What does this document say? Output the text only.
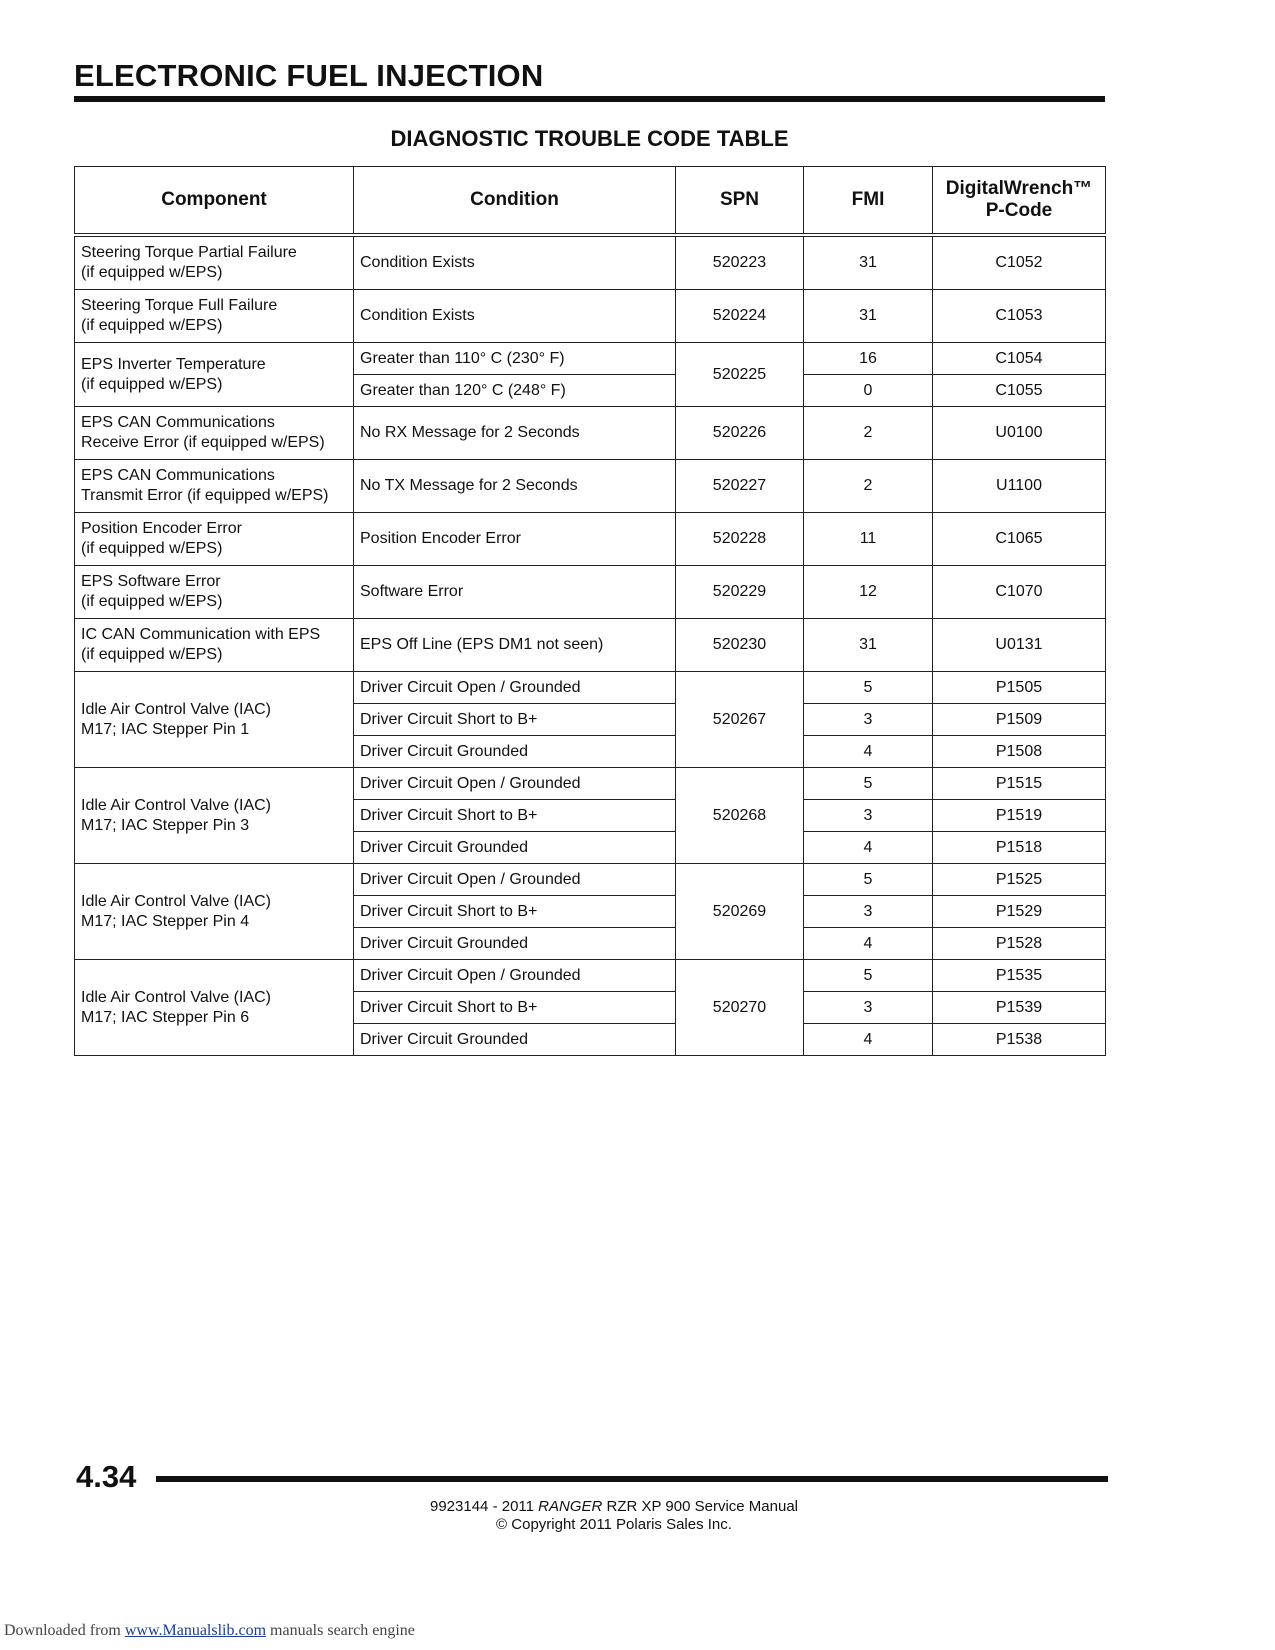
ELECTRONIC FUEL INJECTION
DIAGNOSTIC TROUBLE CODE TABLE
Component	Condition	SPN	FMI	DigitalWrench™
P-Code

Steering Torque Partial Failure
(if equipped w/EPS)	Condition Exists	520223	31	C1052
Steering Torque Full Failure
(if equipped w/EPS)	Condition Exists	520224	31	C1053
EPS Inverter Temperature
(if equipped w/EPS)	Greater than 110° C (230° F)	520225	16	C1054
	Greater than 120° C (248° F)		0	C1055
EPS CAN Communications
Receive Error (if equipped w/EPS)	No RX Message for 2 Seconds	520226	2	U0100
EPS CAN Communications
Transmit Error (if equipped w/EPS)	No TX Message for 2 Seconds	520227	2	U1100
Position Encoder Error
(if equipped w/EPS)	Position Encoder Error	520228	11	C1065
EPS Software Error
(if equipped w/EPS)	Software Error	520229	12	C1070
IC CAN Communication with EPS
(if equipped w/EPS)	EPS Off Line (EPS DM1 not seen)	520230	31	U0131
Idle Air Control Valve (IAC)
M17; IAC Stepper Pin 1	Driver Circuit Open / Grounded	520267	5	P1505
	Driver Circuit Short to B+		3	P1509
	Driver Circuit Grounded		4	P1508
Idle Air Control Valve (IAC)
M17; IAC Stepper Pin 3	Driver Circuit Open / Grounded	520268	5	P1515
	Driver Circuit Short to B+		3	P1519
	Driver Circuit Grounded		4	P1518
Idle Air Control Valve (IAC)
M17; IAC Stepper Pin 4	Driver Circuit Open / Grounded	520269	5	P1525
	Driver Circuit Short to B+		3	P1529
	Driver Circuit Grounded		4	P1528
Idle Air Control Valve (IAC)
M17; IAC Stepper Pin 6	Driver Circuit Open / Grounded	520270	5	P1535
	Driver Circuit Short to B+		3	P1539
	Driver Circuit Grounded		4	P1538
4.34
9923144 - 2011 RANGER RZR XP 900 Service Manual
© Copyright 2011 Polaris Sales Inc.
Downloaded from www.Manualslib.com manuals search engine
